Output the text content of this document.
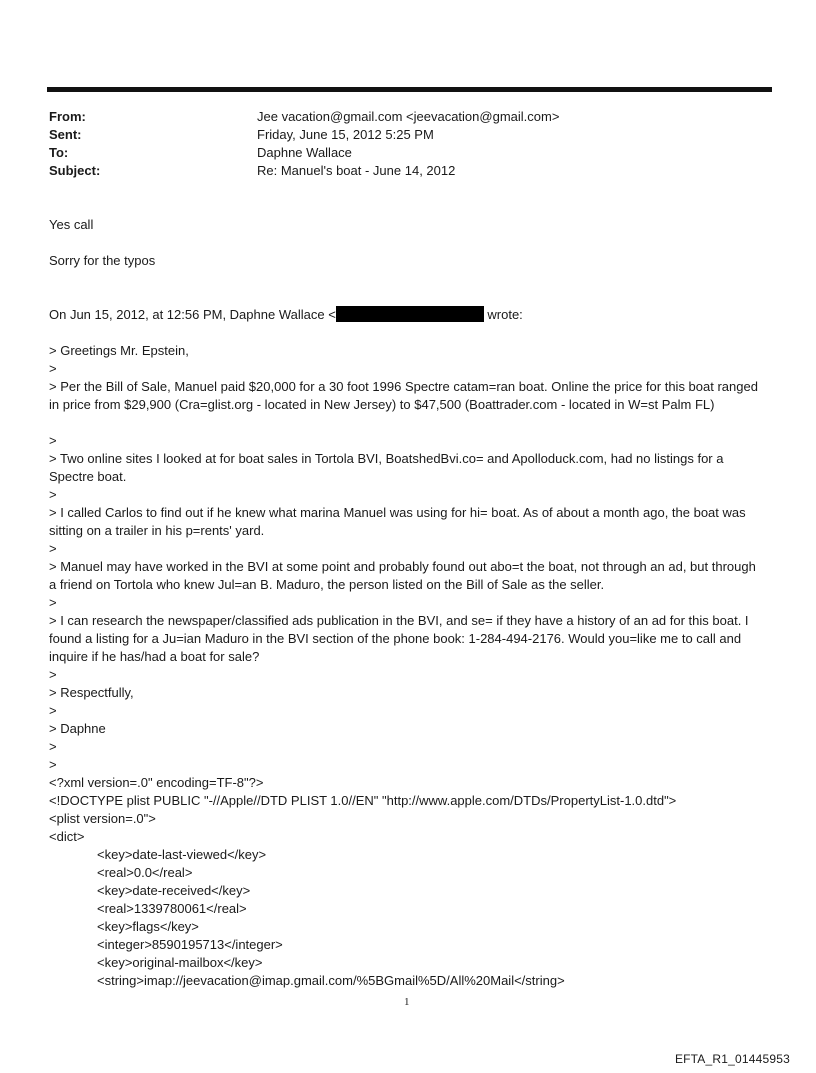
From:	Jee vacation@gmail.com <jeevacation@gmail.com>
Sent:	Friday, June 15, 2012 5:25 PM
To:	Daphne Wallace
Subject:	Re: Manuel's boat - June 14, 2012
Yes call
Sorry for the typos
On Jun 15, 2012, at 12:56 PM, Daphne Wallace <	wrote:
> Greetings Mr. Epstein,
>
> Per the Bill of Sale, Manuel paid $20,000 for a 30 foot 1996 Spectre catam=ran boat. Online the price for this boat ranged in price from $29,900 (Cra=glist.org - located in New Jersey) to $47,500 (Boattrader.com - located in W=st Palm FL)
>
> Two online sites I looked at for boat sales in Tortola BVI, BoatshedBvi.co= and Apolloduck.com, had no listings for a Spectre boat.
>
> I called Carlos to find out if he knew what marina Manuel was using for hi= boat. As of about a month ago, the boat was sitting on a trailer in his p=rents' yard.
>
> Manuel may have worked in the BVI at some point and probably found out abo=t the boat, not through an ad, but through a friend on Tortola who knew Jul=an B. Maduro, the person listed on the Bill of Sale as the seller.
>
> I can research the newspaper/classified ads publication in the BVI, and se= if they have a history of an ad for this boat. I found a listing for a Ju=ian Maduro in the BVI section of the phone book: 1-284-494-2176. Would you=like me to call and inquire if he has/had a boat for sale?
>
> Respectfully,
>
> Daphne
>
>
<?xml version=.0" encoding=TF-8"?>
<!DOCTYPE plist PUBLIC "-//Apple//DTD PLIST 1.0//EN" "http://www.apple.com/DTDs/PropertyList-1.0.dtd">
<plist version=.0">
<dict>
<key>date-last-viewed</key>
<real>0.0</real>
<key>date-received</key>
<real>1339780061</real>
<key>flags</key>
<integer>8590195713</integer>
<key>original-mailbox</key>
<string>imap://jeevacation@imap.gmail.com/%5BGmail%5D/All%20Mail</string>
1
EFTA_R1_01445953
